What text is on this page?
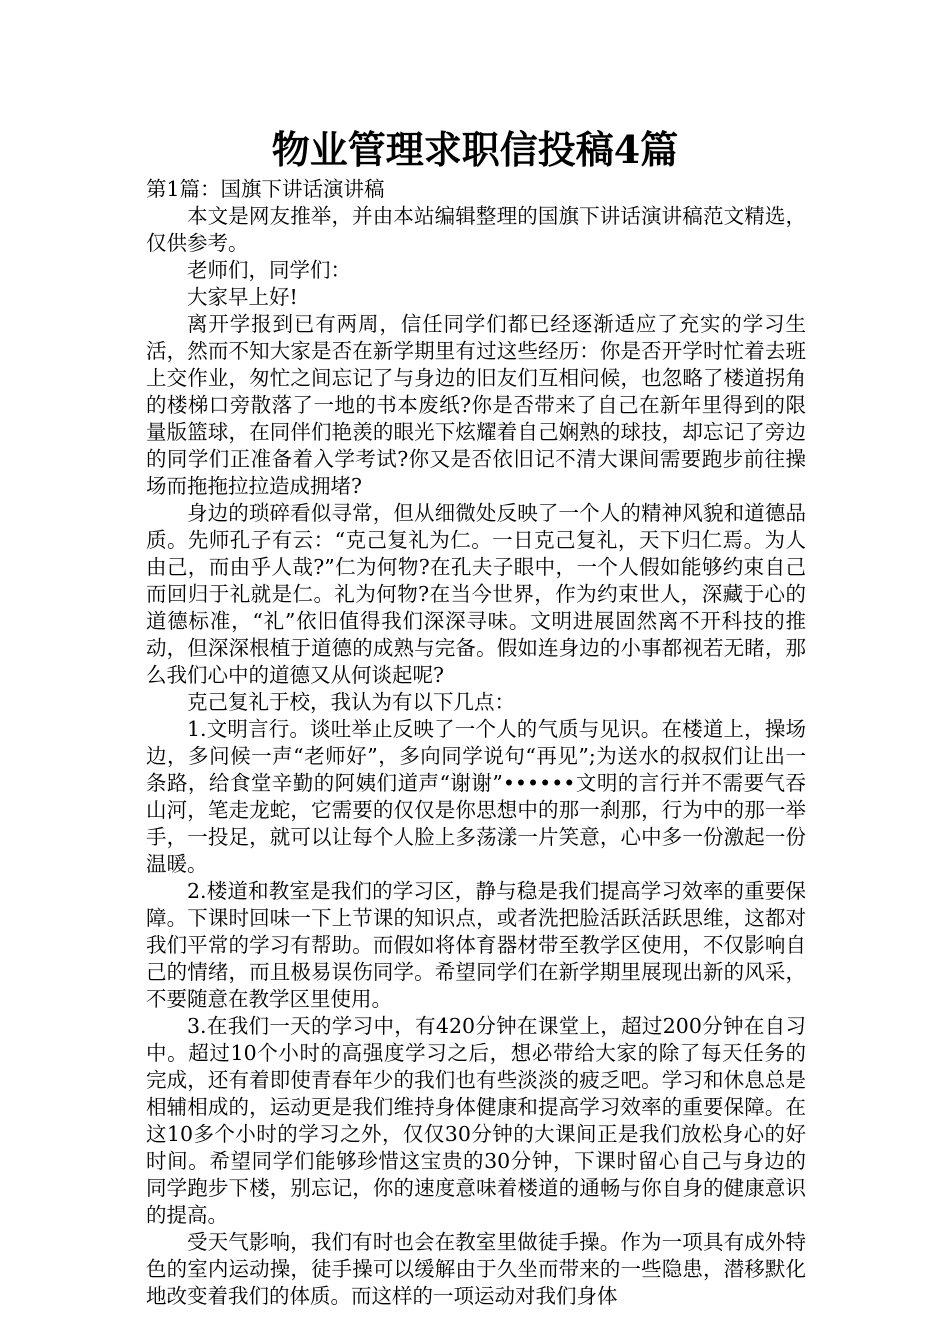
物业管理求职信投稿4篇

第1篇：国旗下讲话演讲稿

本文是网友推举，并由本站编辑整理的国旗下讲话演讲稿范文精选，仅供参考。

老师们，同学们：

大家早上好!

离开学报到已有两周，信任同学们都已经逐渐适应了充实的学习生活，然而不知大家是否在新学期里有过这些经历：你是否开学时忙着去班上交作业，匆忙之间忘记了与身边的旧友们互相问候，也忽略了楼道拐角的楼梯口旁散落了一地的书本废纸?你是否带来了自己在新年里得到的限量版篮球，在同伴们艳羡的眼光下炫耀着自己娴熟的球技，却忘记了旁边的同学们正准备着入学考试?你又是否依旧记不清大课间需要跑步前往操场而拖拖拉拉造成拥堵?

身边的琐碎看似寻常，但从细微处反映了一个人的精神风貌和道德品质。先师孔子有云：“克己复礼为仁。一日克己复礼，天下归仁焉。为人由己，而由乎人哉?”仁为何物?在孔夫子眼中，一个人假如能够约束自己而回归于礼就是仁。礼为何物?在当今世界，作为约束世人，深藏于心的道德标准，“礼”依旧值得我们深深寻味。文明进展固然离不开科技的推动，但深深根植于道德的成熟与完备。假如连身边的小事都视若无睹，那么我们心中的道德又从何谈起呢?

克己复礼于校，我认为有以下几点：

1.文明言行。谈吐举止反映了一个人的气质与见识。在楼道上，操场边，多问候一声“老师好”，多向同学说句“再见”;为送水的叔叔们让出一条路，给食堂辛勤的阿姨们道声“谢谢”••••••文明的言行并不需要气吞山河，笔走龙蛇，它需要的仅仅是你思想中的那一刹那，行为中的那一举手，一投足，就可以让每个人脸上多荡漾一片笑意，心中多一份激起一份温暖。

2.楼道和教室是我们的学习区，静与稳是我们提高学习效率的重要保障。下课时回味一下上节课的知识点，或者洗把脸活跃活跃思维，这都对我们平常的学习有帮助。而假如将体育器材带至教学区使用，不仅影响自己的情绪，而且极易误伤同学。希望同学们在新学期里展现出新的风采，不要随意在教学区里使用。

3.在我们一天的学习中，有420分钟在课堂上，超过200分钟在自习中。超过10个小时的高强度学习之后，想必带给大家的除了每天任务的完成，还有着即使青春年少的我们也有些淡淡的疲乏吧。学习和休息总是相辅相成的，运动更是我们维持身体健康和提高学习效率的重要保障。在这10多个小时的学习之外，仅仅30分钟的大课间正是我们放松身心的好时间。希望同学们能够珍惜这宝贵的30分钟，下课时留心自己与身边的同学跑步下楼，别忘记，你的速度意味着楼道的通畅与你自身的健康意识的提高。

受天气影响，我们有时也会在教室里做徒手操。作为一项具有成外特色的室内运动操，徒手操可以缓解由于久坐而带来的一些隐患，潜移默化地改变着我们的体质。而这样的一项运动对我们身体
